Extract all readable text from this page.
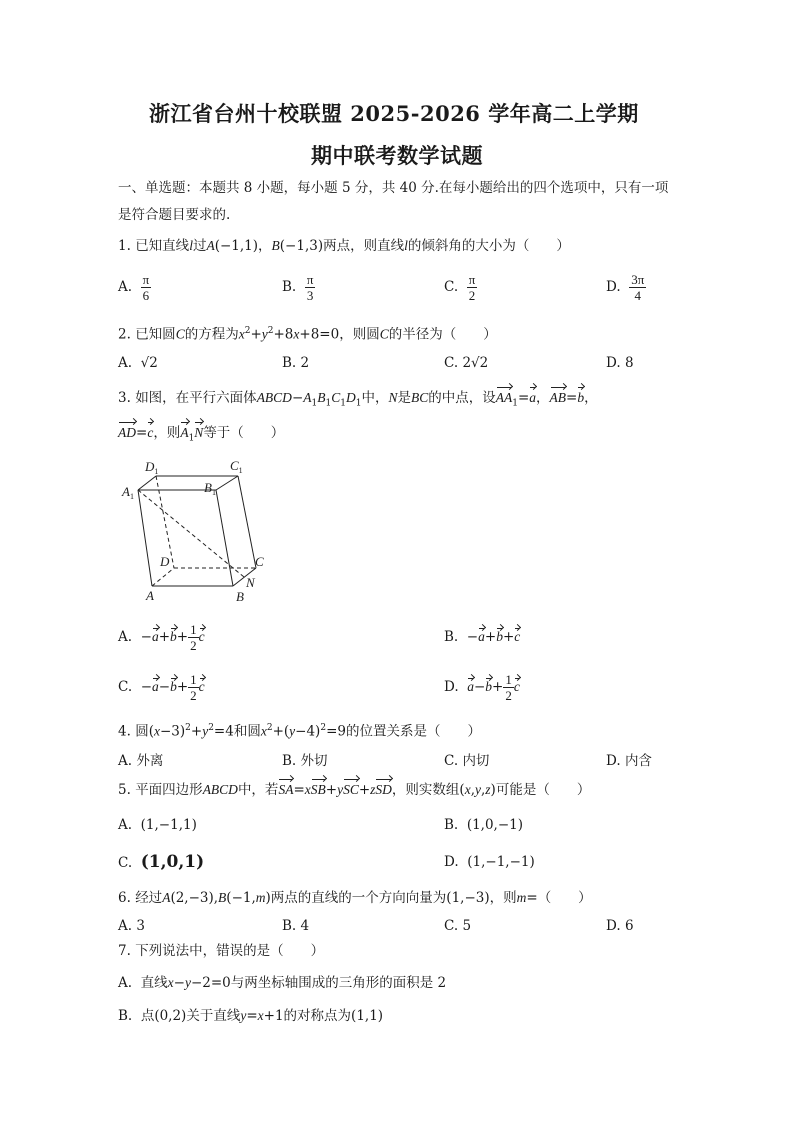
浙江省台州十校联盟 2025-2026 学年高二上学期
期中联考数学试题
一、单选题：本题共 8 小题，每小题 5 分，共 40 分.在每小题给出的四个选项中，只有一项
是符合题目要求的.
1. 已知直线l过A(−1,1)，B(−1,3)两点，则直线l的倾斜角的大小为（　　）
A. $\frac{\pi}{6}$	B. $\frac{\pi}{3}$	C. $\frac{\pi}{2}$	D. $\frac{3\pi}{4}$
2. 已知圆C的方程为$x^2+y^2+8x+8=0$，则圆C的半径为（　　）
A. √2	B. 2	C. 2√2	D. 8
3. 如图，在平行六面体$ABCD-A_1B_1C_1D_1$中，N是BC的中点，设$AA_1=a$，AB=b，
AD=c，则$A_1N$等于（　　）
$D_1$	$C_1$
$A_1$
$B_1$
D	C
N
A	B
A.  $-a+b+ \frac{1}{2}$ c	B.  −a+b+c
C.  $-a-b+ \frac{1}{2}$ c	D. $a-b+ \frac{1}{2}$ c
4. 圆$(x-3)^2+y^2=4$和圆$x^2+(y-4)^2=9$的位置关系是（　　）
A. 外离	B. 外切	C. 内切	D. 内含
5. 平面四边形ABCD中，若SA=xSB+ySC+zSD，则实数组(x,y,z)可能是（　　）
A. (1,−1,1)	B. (1,0,−1)
C. (1,0,1)	D. (1,−1,−1)
6. 经过A(2,−3),B(−1,m)两点的直线的一个方向向量为(1,−3)，则m=（　　）
A. 3	B. 4	C. 5	D. 6
7. 下列说法中，错误的是（　　）
A. 直线x−y−2=0与两坐标轴围成的三角形的面积是 2
B. 点(0,2)关于直线y=x+1的对称点为(1,1)
